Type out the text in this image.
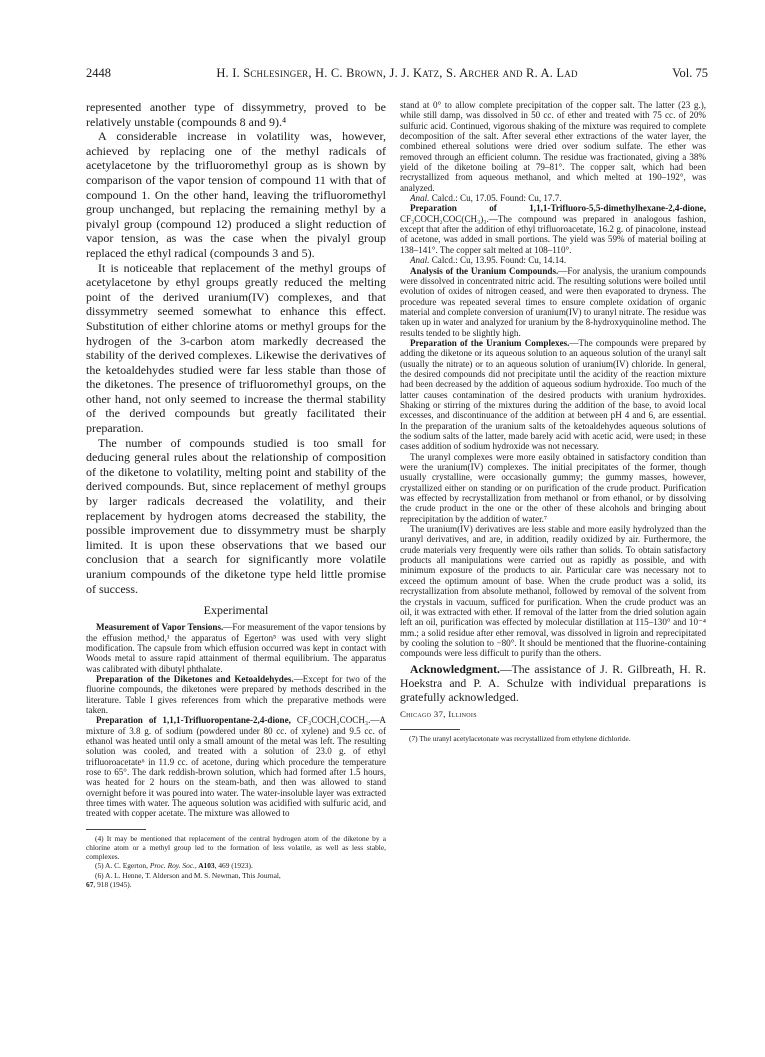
2448	H. I. Schlesinger, H. C. Brown, J. J. Katz, S. Archer and R. A. Lad	Vol. 75

represented another type of dissymmetry, proved to be relatively unstable (compounds 8 and 9).⁴

A considerable increase in volatility was, however, achieved by replacing one of the methyl radicals of acetylacetone by the trifluoromethyl group as is shown by comparison of the vapor tension of compound 11 with that of compound 1. On the other hand, leaving the trifluoromethyl group unchanged, but replacing the remaining methyl by a pivalyl group (compound 12) produced a slight reduction of vapor tension, as was the case when the pivalyl group replaced the ethyl radical (compounds 3 and 5).

It is noticeable that replacement of the methyl groups of acetylacetone by ethyl groups greatly reduced the melting point of the derived uranium(IV) complexes, and that dissymmetry seemed somewhat to enhance this effect. Substitution of either chlorine atoms or methyl groups for the hydrogen of the 3-carbon atom markedly decreased the stability of the derived complexes. Likewise the derivatives of the ketoaldehydes studied were far less stable than those of the diketones. The presence of trifluoromethyl groups, on the other hand, not only seemed to increase the thermal stability of the derived compounds but greatly facilitated their preparation.

The number of compounds studied is too small for deducing general rules about the relationship of composition of the diketone to volatility, melting point and stability of the derived compounds. But, since replacement of methyl groups by larger radicals decreased the volatility, and their replacement by hydrogen atoms decreased the stability, the possible improvement due to dissymmetry must be sharply limited. It is upon these observations that we based our conclusion that a search for significantly more volatile uranium compounds of the diketone type held little promise of success.

Experimental

Measurement of Vapor Tensions.—For measurement of the vapor tensions by the effusion method,¹ the apparatus of Egerton⁵ was used with very slight modification. The capsule from which effusion occurred was kept in contact with Woods metal to assure rapid attainment of thermal equilibrium. The apparatus was calibrated with dibutyl phthalate.

Preparation of the Diketones and Ketoaldehydes.—Except for two of the fluorine compounds, the diketones were prepared by methods described in the literature. Table I gives references from which the preparative methods were taken.

Preparation of 1,1,1-Trifluoropentane-2,4-dione, CF₃COCH₂COCH₃.—A mixture of 3.8 g. of sodium (powdered under 80 cc. of xylene) and 9.5 cc. of ethanol was heated until only a small amount of the metal was left. The resulting solution was cooled, and treated with a solution of 23.0 g. of ethyl trifluoroacetate⁶ in 11.9 cc. of acetone, during which procedure the temperature rose to 65°. The dark reddish-brown solution, which had formed after 1.5 hours, was heated for 2 hours on the steam-bath, and then was allowed to stand overnight before it was poured into water. The water-insoluble layer was extracted three times with water. The aqueous solution was acidified with sulfuric acid, and treated with copper acetate. The mixture was allowed to

(4) It may be mentioned that replacement of the central hydrogen atom of the diketone by a chlorine atom or a methyl group led to the formation of less volatile, as well as less stable, complexes.

(5) A. C. Egerton, Proc. Roy. Soc., A103, 469 (1923).

(6) A. L. Henne, T. Alderson and M. S. Newman, This Journal,
67, 918 (1945).

stand at 0° to allow complete precipitation of the copper salt. The latter (23 g.), while still damp, was dissolved in 50 cc. of ether and treated with 75 cc. of 20% sulfuric acid. Continued, vigorous shaking of the mixture was required to complete decomposition of the salt. After several ether extractions of the water layer, the combined ethereal solutions were dried over sodium sulfate. The ether was removed through an efficient column. The residue was fractionated, giving a 38% yield of the diketone boiling at 79–81°. The copper salt, which had been recrystallized from aqueous methanol, and which melted at 190–192°, was analyzed.

Anal. Calcd.: Cu, 17.05. Found: Cu, 17.7.

Preparation of 1,1,1-Trifluoro-5,5-dimethylhexane-2,4-dione, CF₃COCH₂COC(CH₃)₃.—The compound was prepared in analogous fashion, except that after the addition of ethyl trifluoroacetate, 16.2 g. of pinacolone, instead of acetone, was added in small portions. The yield was 59% of material boiling at 138–141°. The copper salt melted at 108–110°.

Anal. Calcd.: Cu, 13.95. Found: Cu, 14.14.

Analysis of the Uranium Compounds.—For analysis, the uranium compounds were dissolved in concentrated nitric acid. The resulting solutions were boiled until evolution of oxides of nitrogen ceased, and were then evaporated to dryness. The procedure was repeated several times to ensure complete oxidation of organic material and complete conversion of uranium(IV) to uranyl nitrate. The residue was taken up in water and analyzed for uranium by the 8-hydroxyquinoline method. The results tended to be slightly high.

Preparation of the Uranium Complexes.—The compounds were prepared by adding the diketone or its aqueous solution to an aqueous solution of the uranyl salt (usually the nitrate) or to an aqueous solution of uranium(IV) chloride. In general, the desired compounds did not precipitate until the acidity of the reaction mixture had been decreased by the addition of aqueous sodium hydroxide. Too much of the latter causes contamination of the desired products with uranium hydroxides. Shaking or stirring of the mixtures during the addition of the base, to avoid local excesses, and discontinuance of the addition at between pH 4 and 6, are essential. In the preparation of the uranium salts of the ketoaldehydes aqueous solutions of the sodium salts of the latter, made barely acid with acetic acid, were used; in these cases addition of sodium hydroxide was not necessary.

The uranyl complexes were more easily obtained in satisfactory condition than were the uranium(IV) complexes. The initial precipitates of the former, though usually crystalline, were occasionally gummy; the gummy masses, however, crystallized either on standing or on purification of the crude product. Purification was effected by recrystallization from methanol or from ethanol, or by dissolving the crude product in the one or the other of these alcohols and bringing about reprecipitation by the addition of water.⁷

The uranium(IV) derivatives are less stable and more easily hydrolyzed than the uranyl derivatives, and are, in addition, readily oxidized by air. Furthermore, the crude materials very frequently were oils rather than solids. To obtain satisfactory products all manipulations were carried out as rapidly as possible, and with minimum exposure of the products to air. Particular care was necessary not to exceed the optimum amount of base. When the crude product was a solid, its recrystallization from absolute methanol, followed by removal of the solvent from the crystals in vacuum, sufficed for purification. When the crude product was an oil, it was extracted with ether. If removal of the latter from the dried solution again left an oil, purification was effected by molecular distillation at 115–130° and 10⁻⁴ mm.; a solid residue after ether removal, was dissolved in ligroin and reprecipitated by cooling the solution to −80°. It should be mentioned that the fluorine-containing compounds were less difficult to purify than the others.

Acknowledgment.—The assistance of J. R. Gilbreath, H. R. Hoekstra and P. A. Schulze with individual preparations is gratefully acknowledged.

Chicago 37, Illinois

(7) The uranyl acetylacetonate was recrystallized from ethylene dichloride.
